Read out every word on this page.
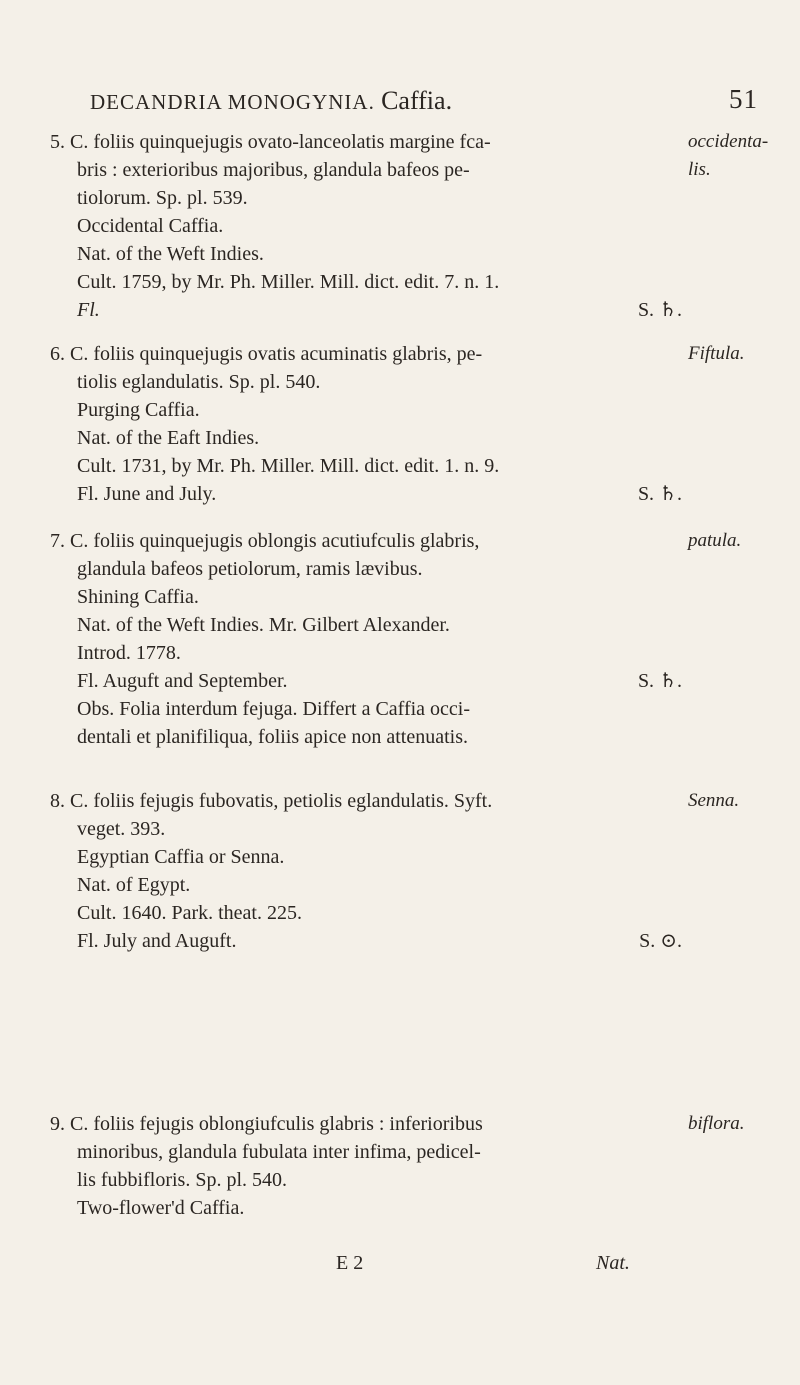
DECANDRIA MONOGYNIA. Caffia.	51
5. C. foliis quinquejugis ovato-lanceolatis margine fca-
bris : exterioribus majoribus, glandula bafeos pe-
tiolorum. Sp. pl. 539.
Occidental Caffia.
Nat. of the Weft Indies.
Cult. 1759, by Mr. Ph. Miller. Mill. dict. edit. 7. n. 1.
Fl.	S. ♄.
occidenta-
lis.
6. C. foliis quinquejugis ovatis acuminatis glabris, pe-
tiolis eglandulatis. Sp. pl. 540.
Purging Caffia.
Nat. of the Eaft Indies.
Cult. 1731, by Mr. Ph. Miller. Mill. dict. edit. 1. n. 9.
Fl. June and July.	S. ♄.
Fiftula.
7. C. foliis quinquejugis oblongis acutiufculis glabris,
glandula bafeos petiolorum, ramis lævibus.
Shining Caffia.
Nat. of the Weft Indies. Mr. Gilbert Alexander.
Introd. 1778.
Fl. Auguft and September.	S. ♄.
Obs. Folia interdum fejuga. Differt a Caffia occi-
dentali et planifiliqua, foliis apice non attenuatis.
patula.
8. C. foliis fejugis fubovatis, petiolis eglandulatis. Syft.
veget. 393.
Egyptian Caffia or Senna.
Nat. of Egypt.
Cult. 1640. Park. theat. 225.
Fl. July and Auguft.	S. ⊙.
Senna.
9. C. foliis fejugis oblongiufculis glabris : inferioribus
minoribus, glandula fubulata inter infima, pedicel-
lis fubbifloris. Sp. pl. 540.
Two-flower'd Caffia.
biflora.
E 2	Nat.
